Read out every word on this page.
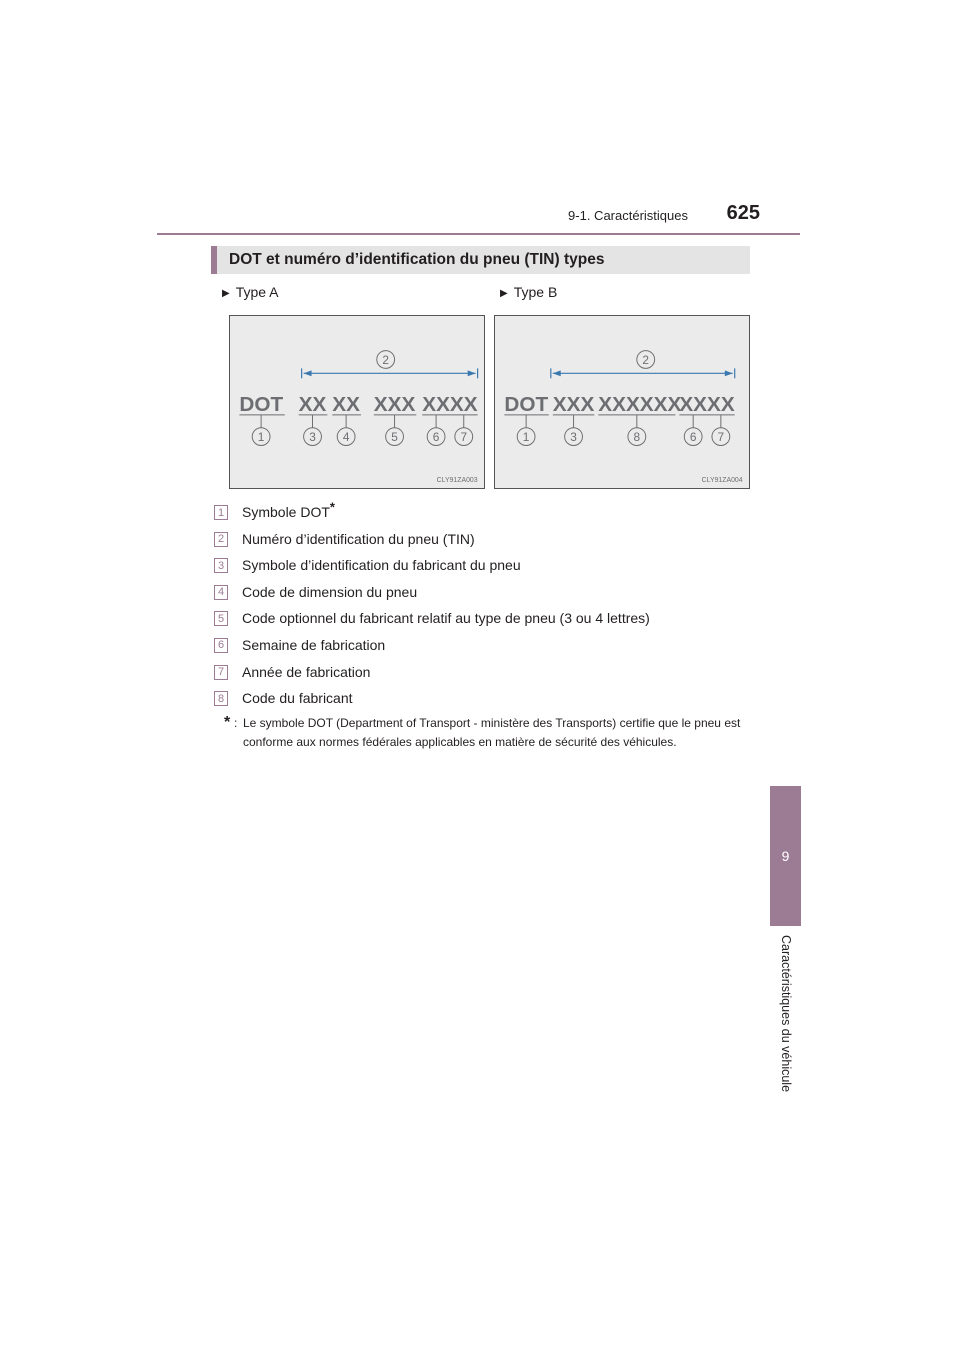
9-1. Caractéristiques	625
9
Caractéristiques du véhicule
DOT et numéro d’identification du pneu (TIN) types
▶ Type A	▶ Type B
2
DOT XX XX XXX XXXX
1	3 4	5	6 7
CLY91ZA003
2
DOT XXX XXXXXX
XXXX
1	3	8	6 7
CLY91ZA004
1 Symbole DOT*
2 Numéro d’identification du pneu (TIN)
3 Symbole d’identification du fabricant du pneu
4 Code de dimension du pneu
5 Code optionnel du fabricant relatif au type de pneu (3 ou 4 lettres)
6 Semaine de fabrication
7 Année de fabrication
8 Code du fabricant
* : Le symbole DOT (Department of Transport - ministère des Transports) certifie que le pneu est conforme aux normes fédérales applicables en matière de sécurité des véhicules.
